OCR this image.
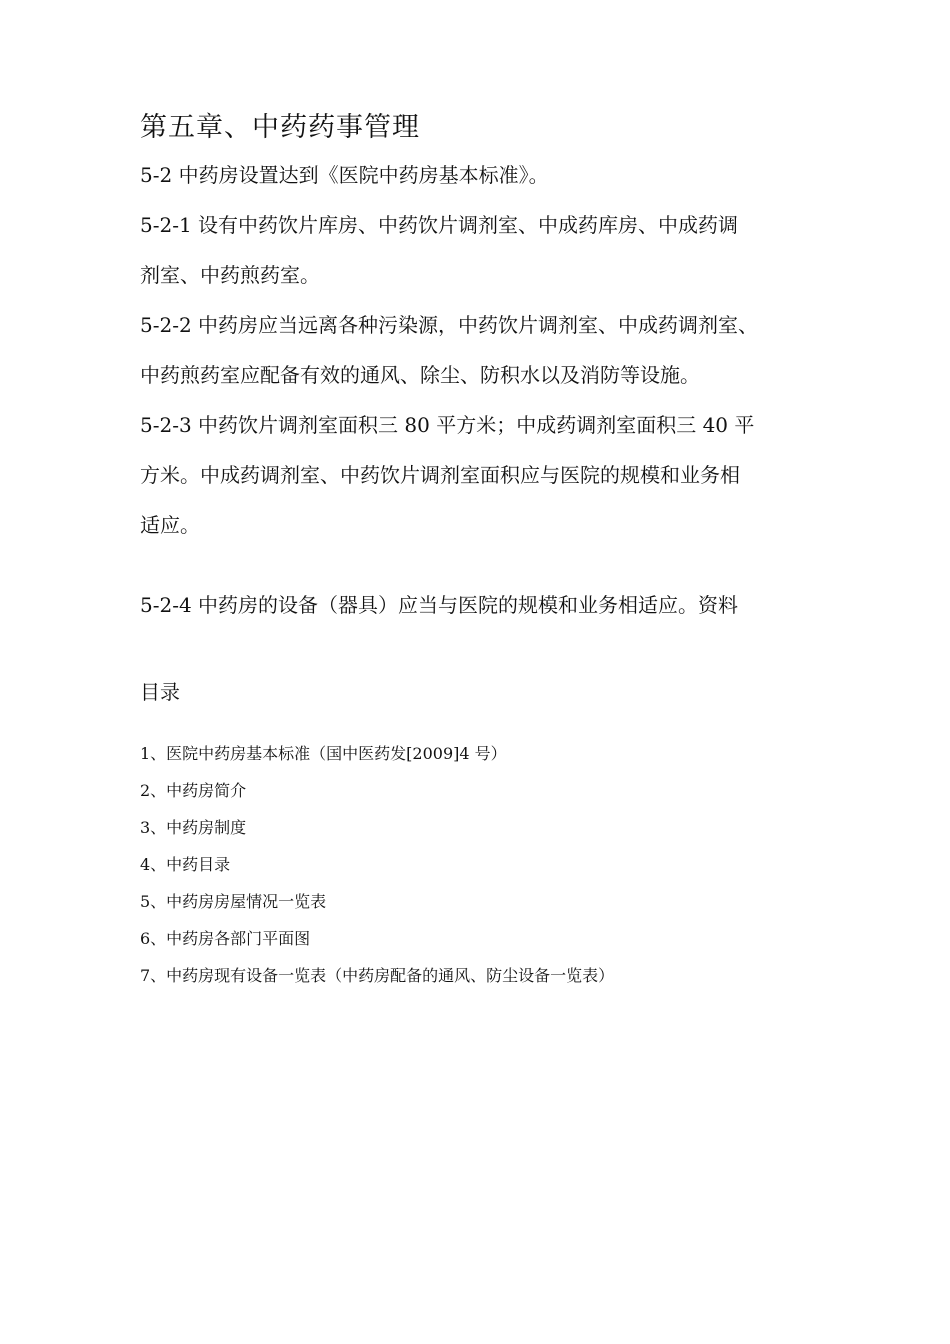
第五章、中药药事管理
5-2 中药房设置达到《医院中药房基本标准》。
5-2-1 设有中药饮片库房、中药饮片调剂室、中成药库房、中成药调
剂室、中药煎药室。
5-2-2 中药房应当远离各种污染源，中药饮片调剂室、中成药调剂室、
中药煎药室应配备有效的通风、除尘、防积水以及消防等设施。
5-2-3 中药饮片调剂室面积三 80 平方米；中成药调剂室面积三 40 平
方米。中成药调剂室、中药饮片调剂室面积应与医院的规模和业务相
适应。
5-2-4 中药房的设备（器具）应当与医院的规模和业务相适应。资料
目录
1、医院中药房基本标准（国中医药发[2009]4 号）
2、中药房简介
3、中药房制度
4、中药目录
5、中药房房屋情况一览表
6、中药房各部门平面图
7、中药房现有设备一览表（中药房配备的通风、防尘设备一览表）
